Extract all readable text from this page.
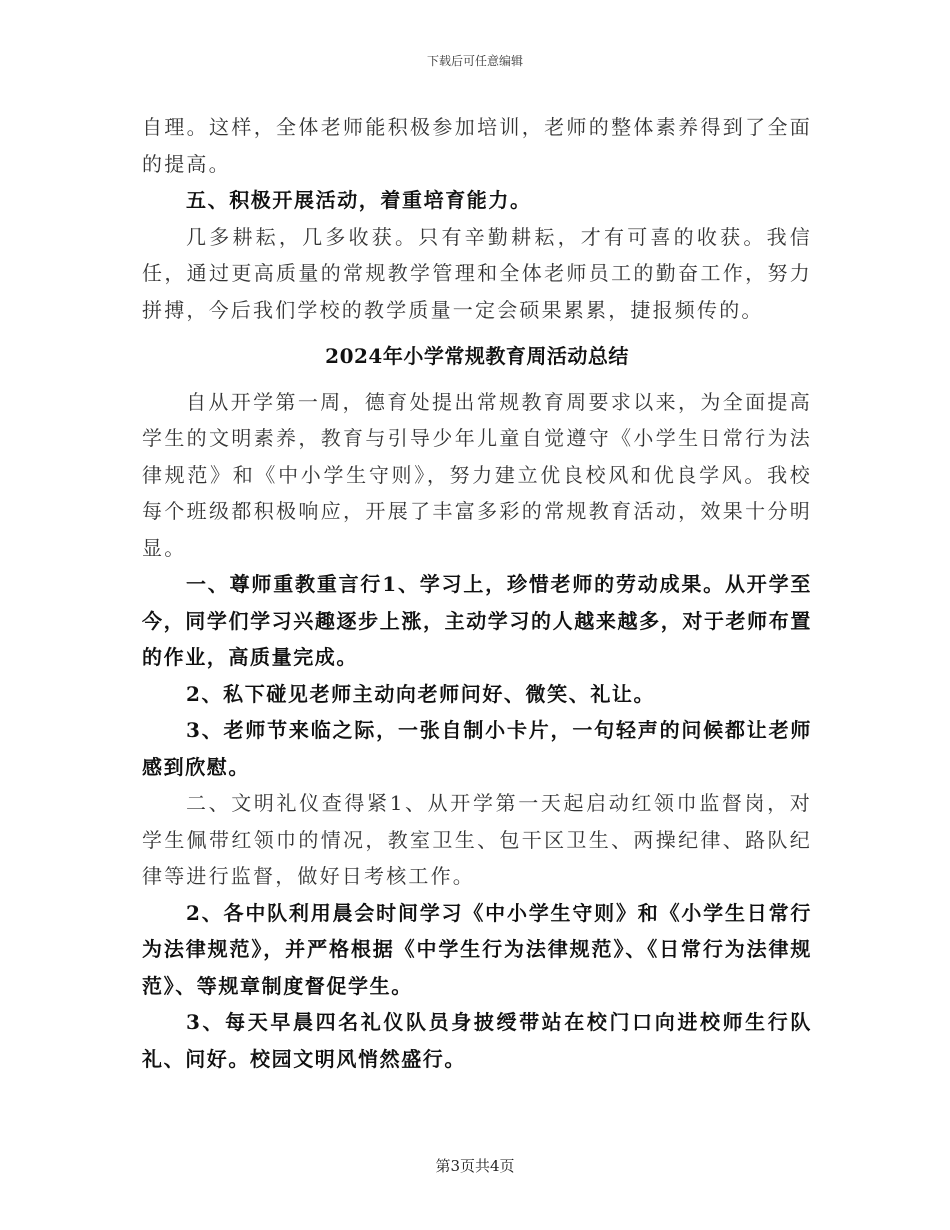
下载后可任意编辑

自理。这样，全体老师能积极参加培训，老师的整体素养得到了全面的提高。

五、积极开展活动，着重培育能力。

几多耕耘，几多收获。只有辛勤耕耘，才有可喜的收获。我信任，通过更高质量的常规教学管理和全体老师员工的勤奋工作，努力拼搏，今后我们学校的教学质量一定会硕果累累，捷报频传的。

2024年小学常规教育周活动总结

自从开学第一周，德育处提出常规教育周要求以来，为全面提高学生的文明素养，教育与引导少年儿童自觉遵守《小学生日常行为法律规范》和《中小学生守则》，努力建立优良校风和优良学风。我校每个班级都积极响应，开展了丰富多彩的常规教育活动，效果十分明显。

一、尊师重教重言行1、学习上，珍惜老师的劳动成果。从开学至今，同学们学习兴趣逐步上涨，主动学习的人越来越多，对于老师布置的作业，高质量完成。

2、私下碰见老师主动向老师问好、微笑、礼让。

3、老师节来临之际，一张自制小卡片，一句轻声的问候都让老师感到欣慰。

二、文明礼仪查得紧1、从开学第一天起启动红领巾监督岗，对学生佩带红领巾的情况，教室卫生、包干区卫生、两操纪律、路队纪律等进行监督，做好日考核工作。

2、各中队利用晨会时间学习《中小学生守则》和《小学生日常行为法律规范》，并严格根据《中学生行为法律规范》、《日常行为法律规范》、等规章制度督促学生。

3、每天早晨四名礼仪队员身披绶带站在校门口向进校师生行队礼、问好。校园文明风悄然盛行。

第3页共4页
